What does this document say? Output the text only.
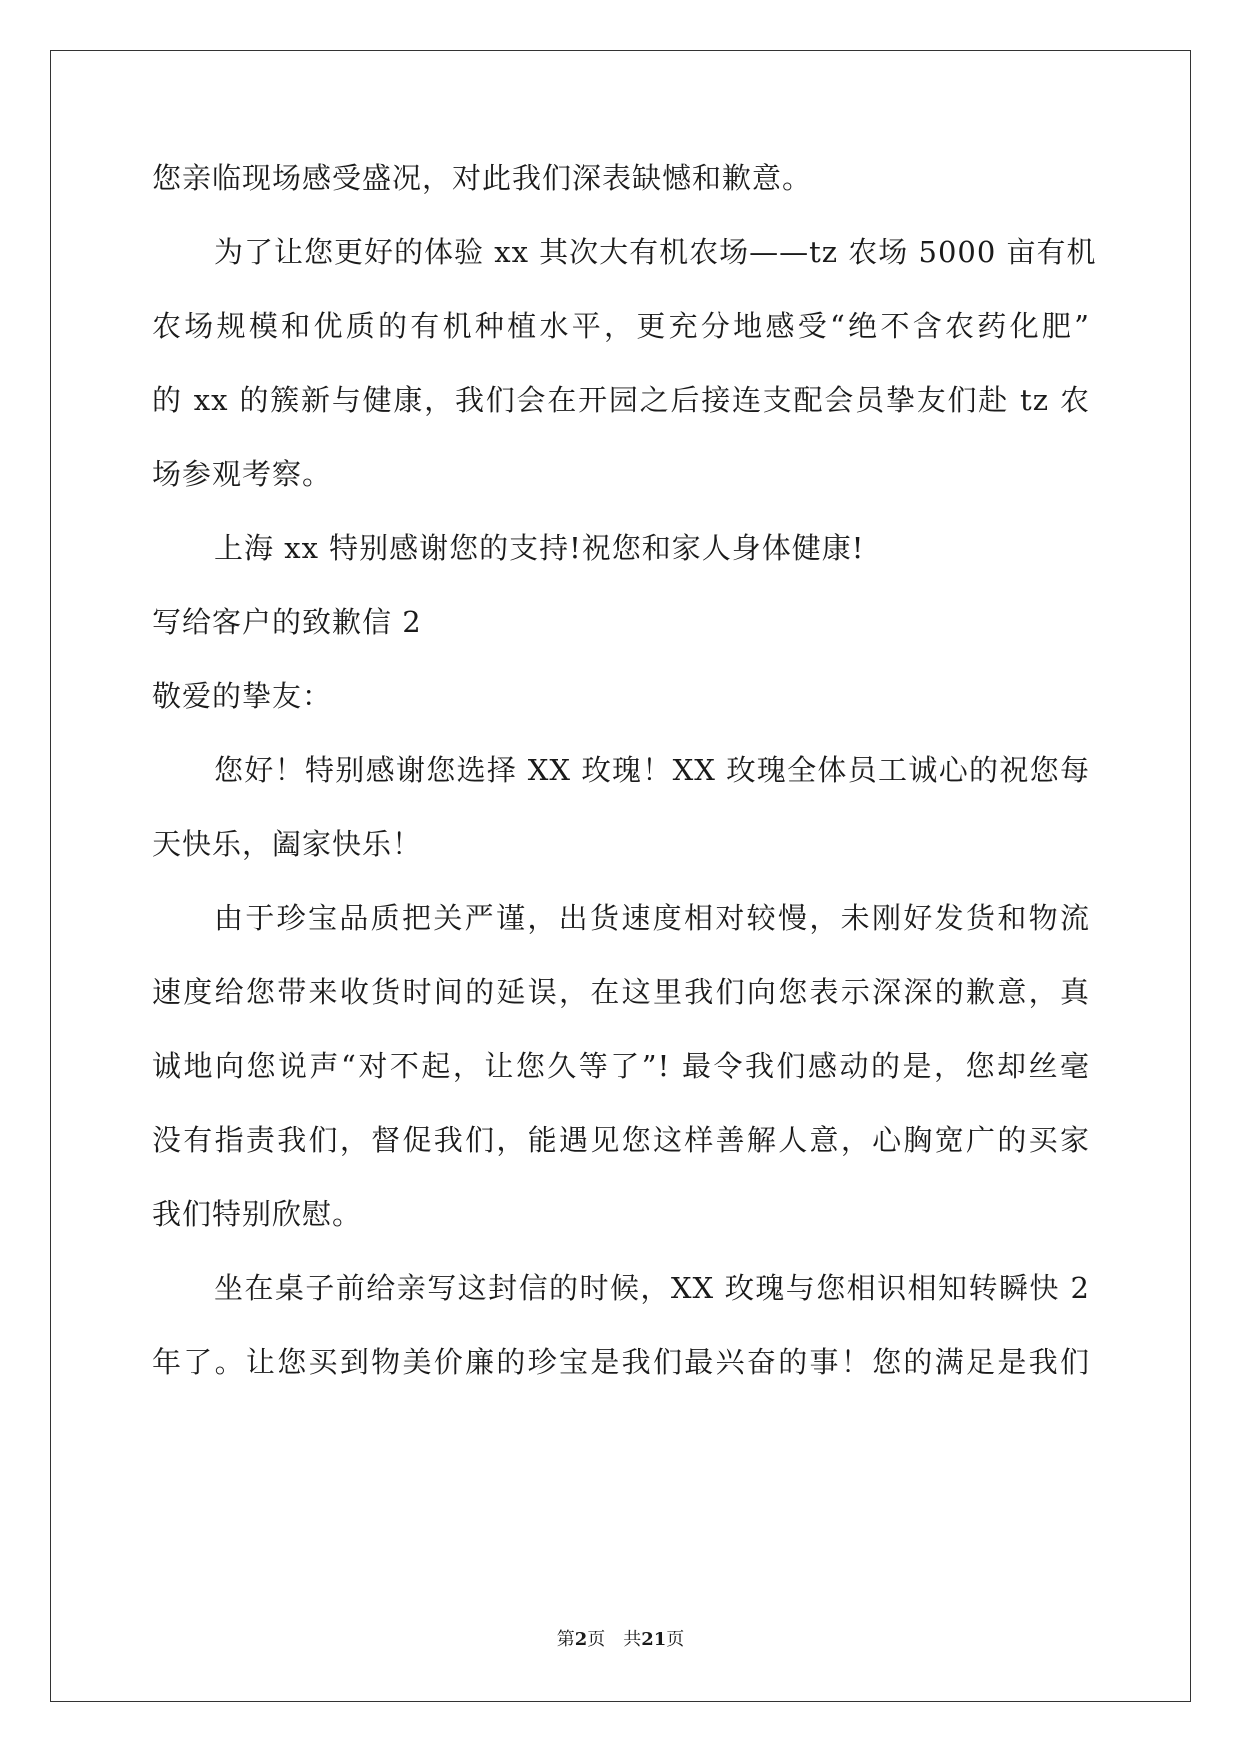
您亲临现场感受盛况，对此我们深表缺憾和歉意。
为了让您更好的体验 xx 其次大有机农场——tz 农场 5000 亩有机
农场规模和优质的有机种植水平，更充分地感受“绝不含农药化肥”
的 xx 的簇新与健康，我们会在开园之后接连支配会员挚友们赴 tz 农
场参观考察。
上海 xx 特别感谢您的支持!祝您和家人身体健康!
写给客户的致歉信 2
敬爱的挚友：
您好！特别感谢您选择 XX 玫瑰！XX 玫瑰全体员工诚心的祝您每
天快乐，阖家快乐！
由于珍宝品质把关严谨，出货速度相对较慢，未刚好发货和物流
速度给您带来收货时间的延误，在这里我们向您表示深深的歉意，真
诚地向您说声“对不起，让您久等了”! 最令我们感动的是，您却丝毫
没有指责我们，督促我们，能遇见您这样善解人意，心胸宽广的买家
我们特别欣慰。
坐在桌子前给亲写这封信的时候，XX 玫瑰与您相识相知转瞬快 2
年了。让您买到物美价廉的珍宝是我们最兴奋的事！您的满足是我们
第2页　共21页
